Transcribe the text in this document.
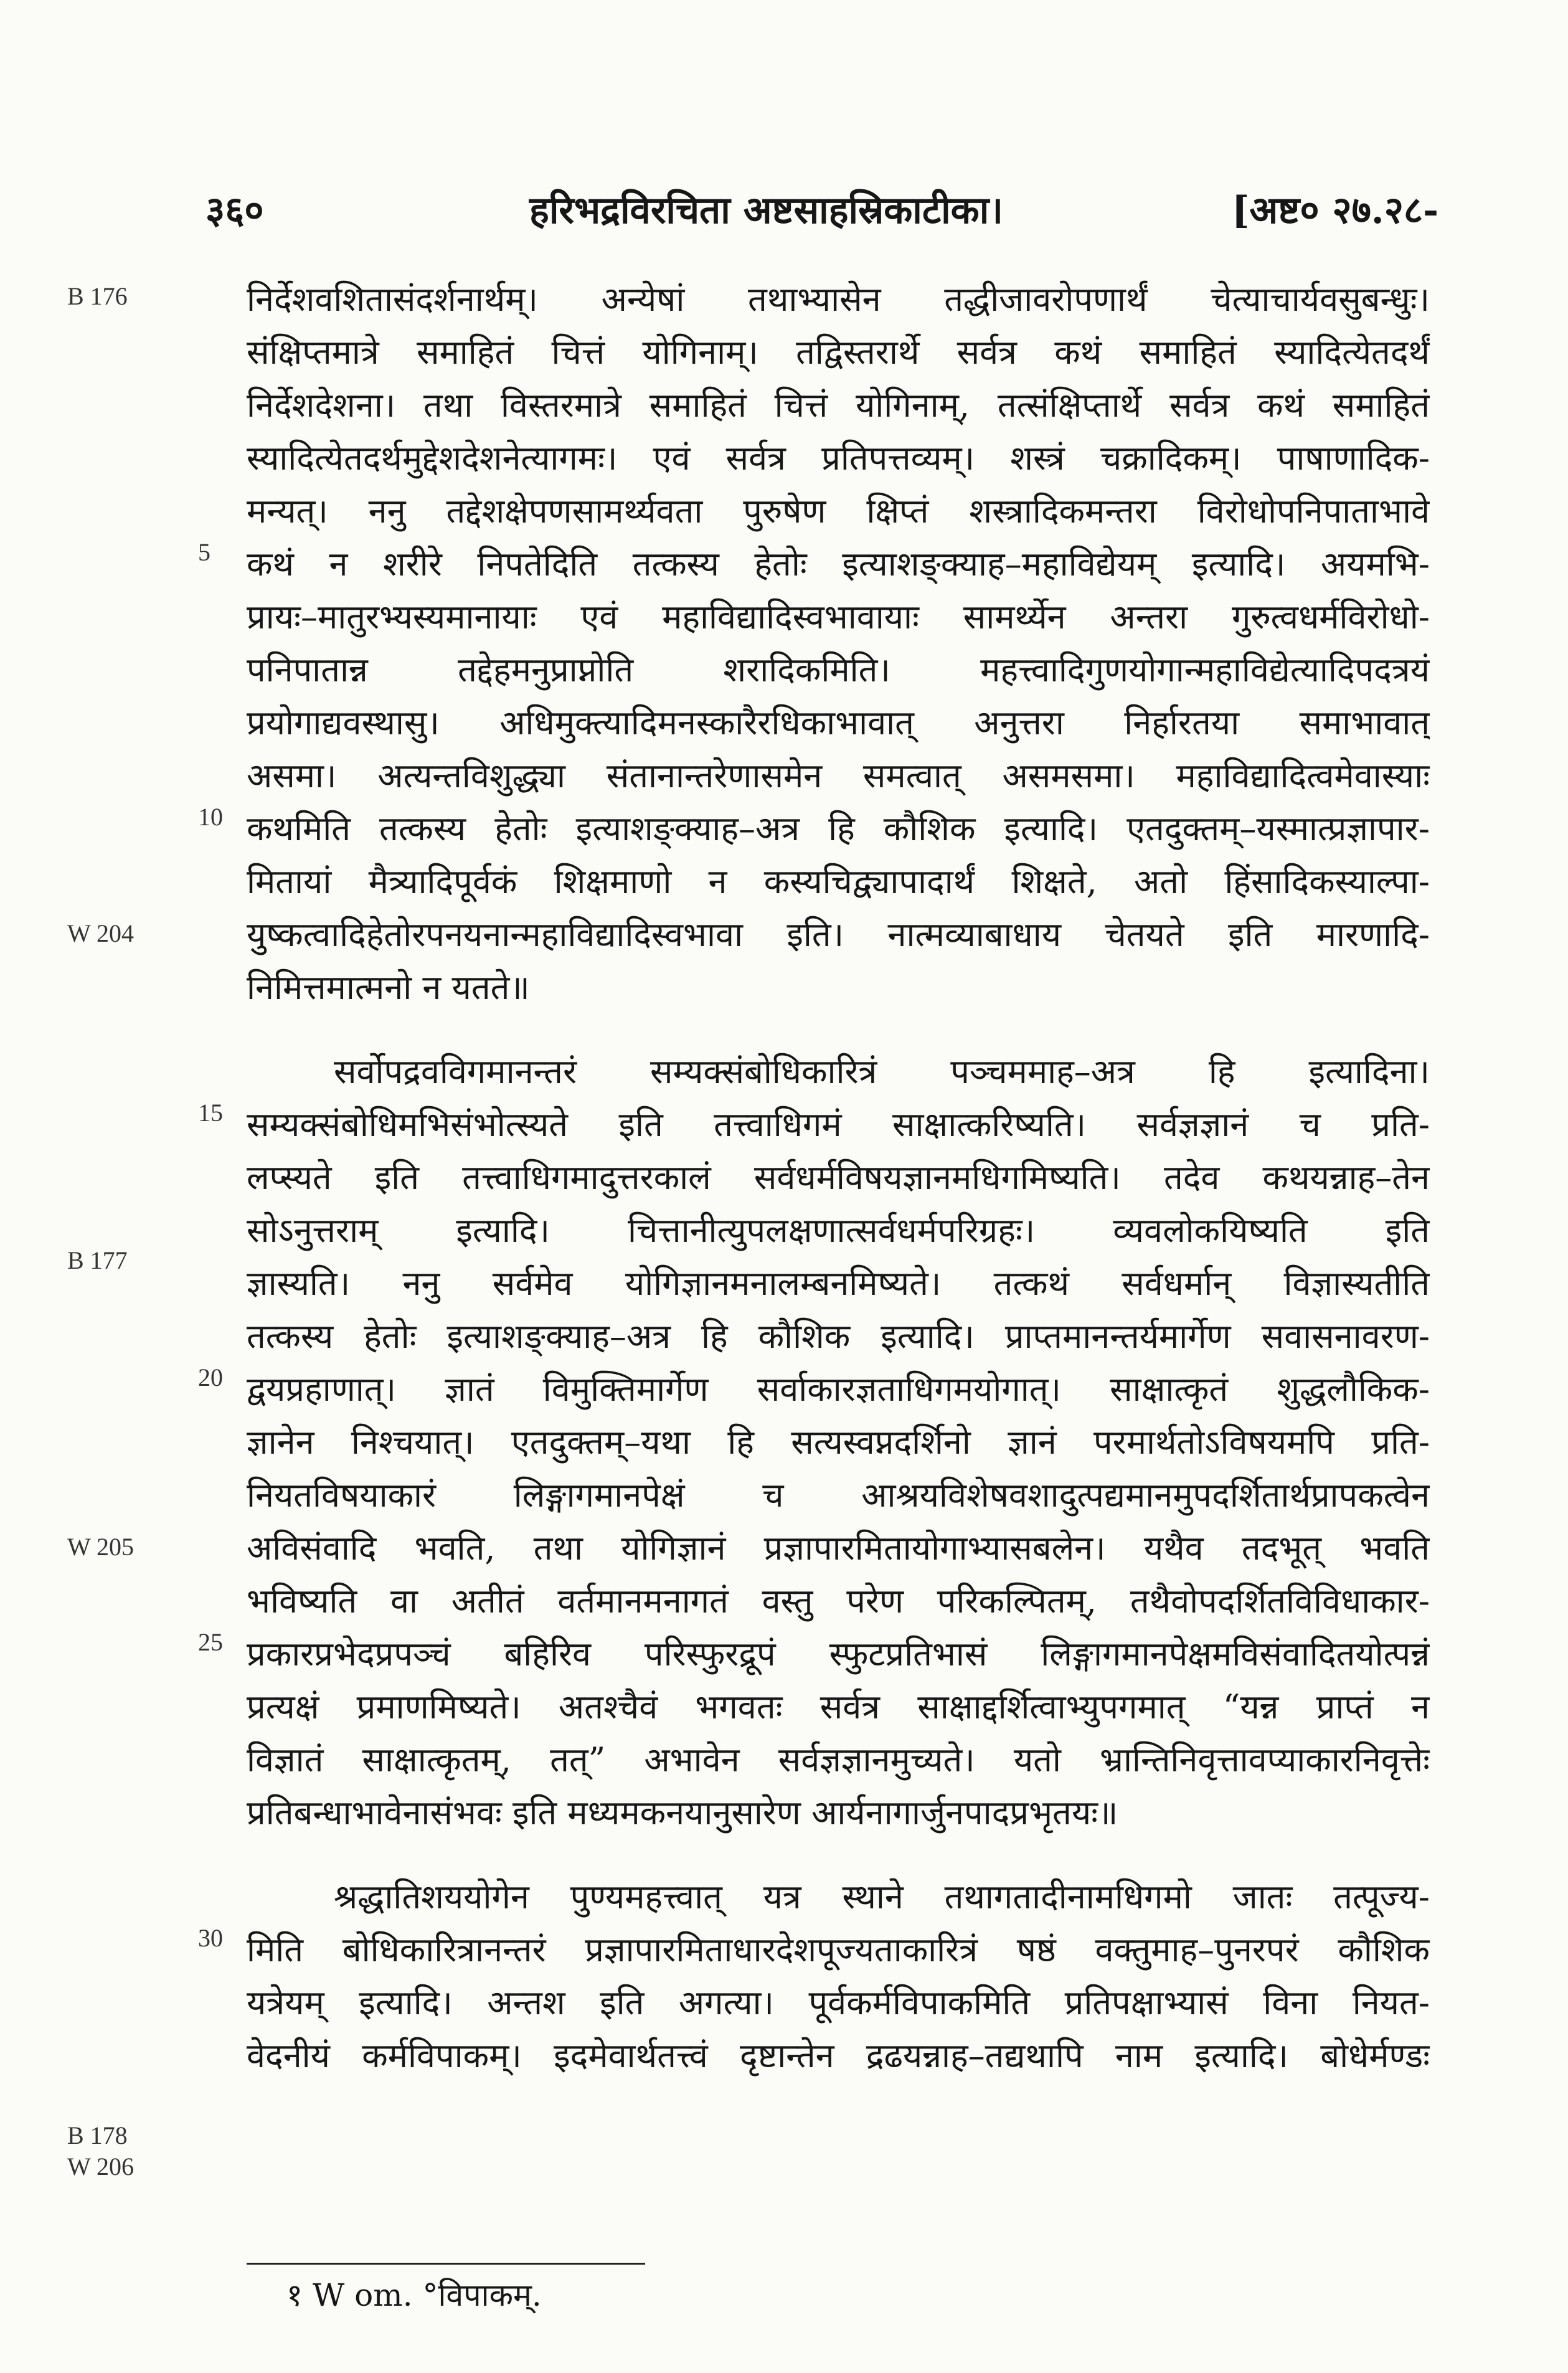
३६०	हरिभद्रविरचिता अष्टसाहस्रिकाटीका।	[अष्ट० २७.२८-
B 176
W 204
B 177
W 205
B 178
W 206
5
10
15
20
25
30
निर्देशवशितासंदर्शनार्थम्। अन्येषां तथाभ्यासेन तद्धीजावरोपणार्थं चेत्याचार्यवसुबन्धुः।
संक्षिप्तमात्रे समाहितं चित्तं योगिनाम्। तद्विस्तरार्थे सर्वत्र कथं समाहितं स्यादित्येतदर्थं
निर्देशदेशना। तथा विस्तरमात्रे समाहितं चित्तं योगिनाम्, तत्संक्षिप्तार्थे सर्वत्र कथं समाहितं
स्यादित्येतदर्थमुद्देशदेशनेत्यागमः। एवं सर्वत्र प्रतिपत्तव्यम्। शस्त्रं चक्रादिकम्। पाषाणादिक-
मन्यत्। ननु तद्देशक्षेपणसामर्थ्यवता पुरुषेण क्षिप्तं शस्त्रादिकमन्तरा विरोधोपनिपाताभावे
कथं न शरीरे निपतेदिति तत्कस्य हेतोः इत्याशङ्क्याह–महाविद्येयम् इत्यादि। अयमभि-
प्रायः–मातुरभ्यस्यमानायाः एवं महाविद्यादिस्वभावायाः सामर्थ्येन अन्तरा गुरुत्वधर्मविरोधो-
पनिपातान्न तद्देहमनुप्राप्नोति शरादिकमिति। महत्त्वादिगुणयोगान्महाविद्येत्यादिपदत्रयं
प्रयोगाद्यवस्थासु। अधिमुक्त्यादिमनस्कारैरधिकाभावात् अनुत्तरा निर्हारतया समाभावात्
असमा। अत्यन्तविशुद्ध्या संतानान्तरेणासमेन समत्वात् असमसमा। महाविद्यादित्वमेवास्याः
कथमिति तत्कस्य हेतोः इत्याशङ्क्याह–अत्र हि कौशिक इत्यादि। एतदुक्तम्–यस्मात्प्रज्ञापार-
मितायां मैत्र्यादिपूर्वकं शिक्षमाणो न कस्यचिद्व्यापादार्थं शिक्षते, अतो हिंसादिकस्याल्पा-
युष्कत्वादिहेतोरपनयनान्महाविद्यादिस्वभावा इति। नात्मव्याबाधाय चेतयते इति मारणादि-
निमित्तमात्मनो न यतते॥
सर्वोपद्रवविगमानन्तरं सम्यक्संबोधिकारित्रं पञ्चममाह–अत्र हि इत्यादिना।
सम्यक्संबोधिमभिसंभोत्स्यते इति तत्त्वाधिगमं साक्षात्करिष्यति। सर्वज्ञज्ञानं च प्रति-
लप्स्यते इति तत्त्वाधिगमादुत्तरकालं सर्वधर्मविषयज्ञानमधिगमिष्यति। तदेव कथयन्नाह–तेन
सोऽनुत्तराम् इत्यादि। चित्तानीत्युपलक्षणात्सर्वधर्मपरिग्रहः। व्यवलोकयिष्यति इति
ज्ञास्यति। ननु सर्वमेव योगिज्ञानमनालम्बनमिष्यते। तत्कथं सर्वधर्मान् विज्ञास्यतीति
तत्कस्य हेतोः इत्याशङ्क्याह–अत्र हि कौशिक इत्यादि। प्राप्तमानन्तर्यमार्गेण सवासनावरण-
द्वयप्रहाणात्। ज्ञातं विमुक्तिमार्गेण सर्वाकारज्ञताधिगमयोगात्। साक्षात्कृतं शुद्धलौकिक-
ज्ञानेन निश्चयात्। एतदुक्तम्–यथा हि सत्यस्वप्नदर्शिनो ज्ञानं परमार्थतोऽविषयमपि प्रति-
नियतविषयाकारं लिङ्गागमानपेक्षं च आश्रयविशेषवशादुत्पद्यमानमुपदर्शितार्थप्रापकत्वेन
अविसंवादि भवति, तथा योगिज्ञानं प्रज्ञापारमितायोगाभ्यासबलेन। यथैव तदभूत् भवति
भविष्यति वा अतीतं वर्तमानमनागतं वस्तु परेण परिकल्पितम्, तथैवोपदर्शितविविधाकार-
प्रकारप्रभेदप्रपञ्चं बहिरिव परिस्फुरद्रूपं स्फुटप्रतिभासं लिङ्गागमानपेक्षमविसंवादितयोत्पन्नं
प्रत्यक्षं प्रमाणमिष्यते। अतश्चैवं भगवतः सर्वत्र साक्षाद्दर्शित्वाभ्युपगमात् “यन्न प्राप्तं न
विज्ञातं साक्षात्कृतम्, तत्” अभावेन सर्वज्ञज्ञानमुच्यते। यतो भ्रान्तिनिवृत्तावप्याकारनिवृत्तेः
प्रतिबन्धाभावेनासंभवः इति मध्यमकनयानुसारेण आर्यनागार्जुनपादप्रभृतयः॥
श्रद्धातिशययोगेन पुण्यमहत्त्वात् यत्र स्थाने तथागतादीनामधिगमो जातः तत्पूज्य-
मिति बोधिकारित्रानन्तरं प्रज्ञापारमिताधारदेशपूज्यताकारित्रं षष्ठं वक्तुमाह–पुनरपरं कौशिक
यत्रेयम् इत्यादि। अन्तश इति अगत्या। पूर्वकर्मविपाकमिति प्रतिपक्षाभ्यासं विना नियत-
वेदनीयं कर्मविपाकम्। इदमेवार्थतत्त्वं दृष्टान्तेन द्रढयन्नाह–तद्यथापि नाम इत्यादि। बोधेर्मण्डः
१ W om. °विपाकम्.
